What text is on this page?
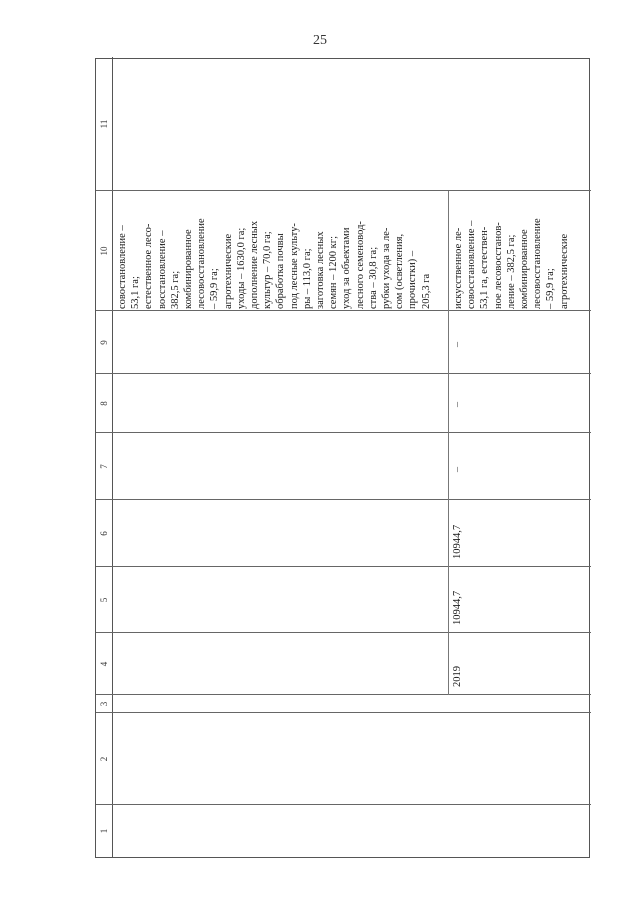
25
1
2
3
4
5
6
7
8
9
10
11
совостановление –
53,1 га;
естественное лесо-
восстановление –
382,5 га;
комбинированное
лесовосстановление
– 59,9 га;
агротехнические
уходы – 1630,0 га;
дополнение лесных
культур – 70,0 га;
обработка почвы
под лесные культу-
ры – 113,0 га;
заготовка лесных
семян – 1200 кг;
уход за объектами
лесного семеновод-
ства – 30,8 га;
рубки ухода за ле-
сом (осветления,
прочистки) –
205,3 га
2019
10944,7
10944,7
–
–
–
искусственное ле-
совосстановление –
53,1 га, естествен-
ное лесовосстанов-
ление – 382,5 га;
комбинированное
лесовосстановление
– 59,9 га;
агротехнические
